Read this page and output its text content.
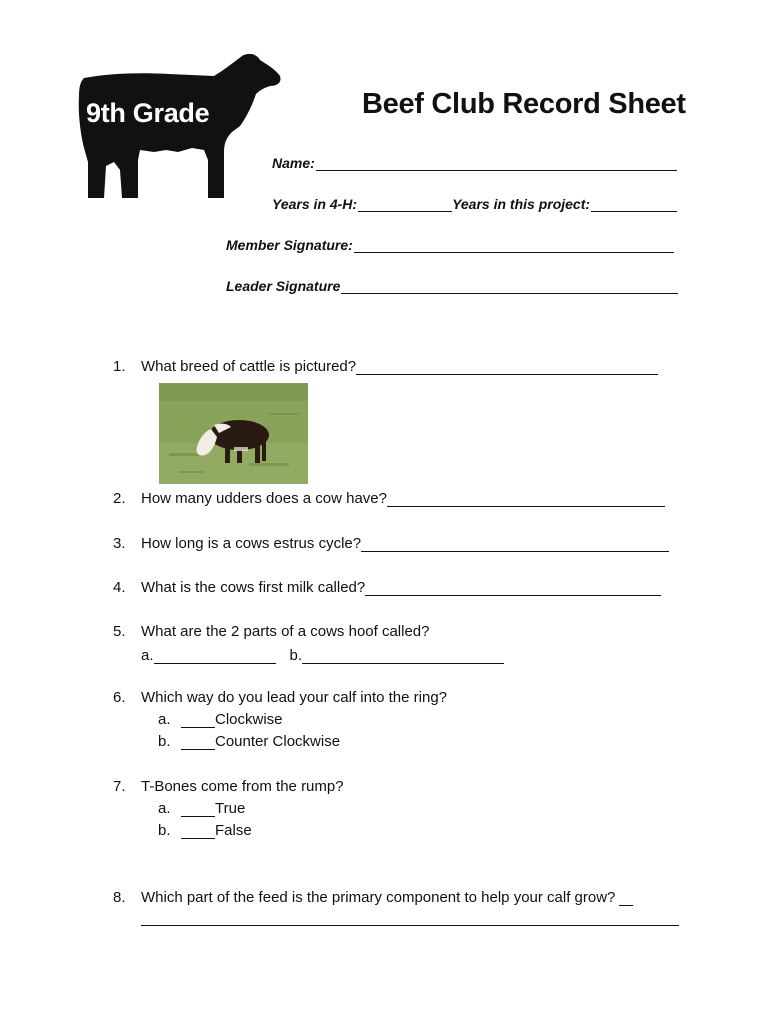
9th Grade	Beef Club Record Sheet
Name:
Years in 4-H:	Years in this project:
Member Signature:
Leader Signature
1.	What breed of cattle is pictured?
2.	How many udders does a cow have?
3.	How long is a cows estrus cycle?
4.	What is the cows first milk called?
5.	What are the 2 parts of a cows hoof called?
a.	b.
6.	Which way do you lead your calf into the ring?
a.	Clockwise
b.	Counter Clockwise
7.	T-Bones come from the rump?
a.	True
b.	False
8.	Which part of the feed is the primary component to help your calf grow?
